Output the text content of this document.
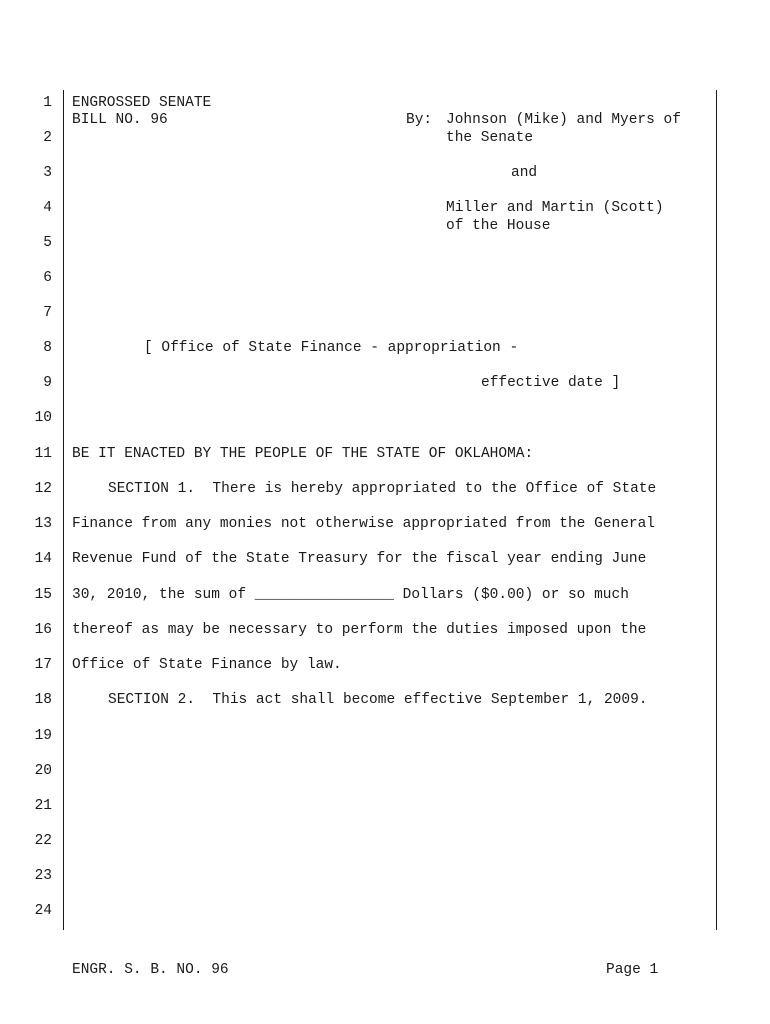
1
2
3
4
5
6
7
8
9
10
11
12
13
14
15
16
17
18
19
20
21
22
23
24
ENGROSSED SENATE
BILL NO. 96	By: Johnson (Mike) and Myers of
the Senate
and
Miller and Martin (Scott)
of the House
[ Office of State Finance - appropriation -
effective date ]
BE IT ENACTED BY THE PEOPLE OF THE STATE OF OKLAHOMA:
SECTION 1.  There is hereby appropriated to the Office of State
Finance from any monies not otherwise appropriated from the General
Revenue Fund of the State Treasury for the fiscal year ending June
30, 2010, the sum of ________________ Dollars ($0.00) or so much
thereof as may be necessary to perform the duties imposed upon the
Office of State Finance by law.
SECTION 2.  This act shall become effective September 1, 2009.
ENGR. S. B. NO. 96	Page 1
